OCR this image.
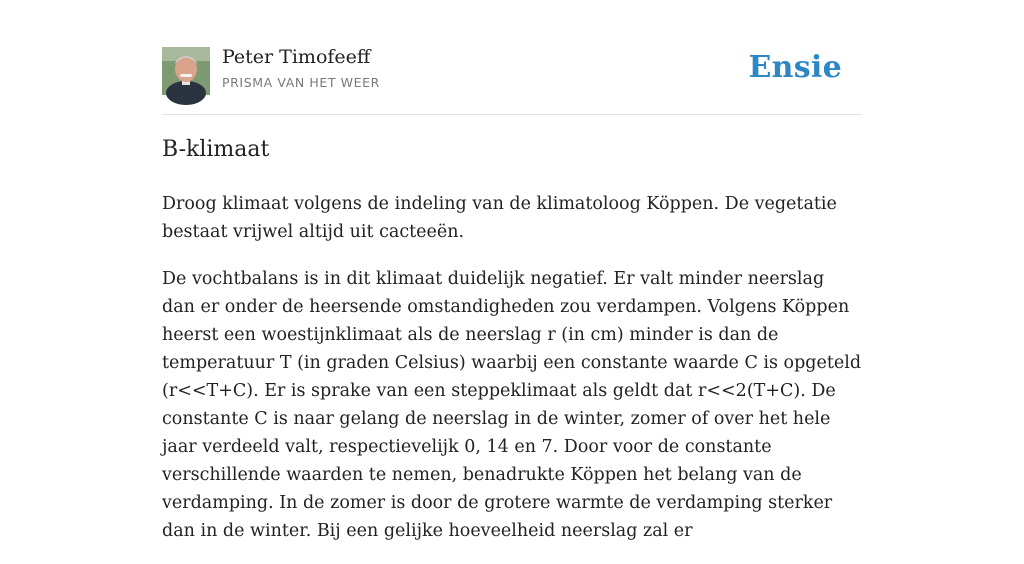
Peter Timofeeff
PRISMA VAN HET WEER	Ensie
B-klimaat

Droog klimaat volgens de indeling van de klimatoloog Köppen. De vegetatie bestaat vrijwel altijd uit cacteeën.

De vochtbalans is in dit klimaat duidelijk negatief. Er valt minder neerslag dan er onder de heersende omstandigheden zou verdampen. Volgens Köppen heerst een woestijnklimaat als de neerslag r (in cm) minder is dan de temperatuur T (in graden Celsius) waarbij een constante waarde C is opgeteld (r<<T+C). Er is sprake van een steppeklimaat als geldt dat r<<2(T+C). De constante C is naar gelang de neerslag in de winter, zomer of over het hele jaar verdeeld valt, respectievelijk 0, 14 en 7. Door voor de constante verschillende waarden te nemen, benadrukte Köppen het belang van de verdamping. In de zomer is door de grotere warmte de verdamping sterker dan in de winter. Bij een gelijke hoeveelheid neerslag zal er
